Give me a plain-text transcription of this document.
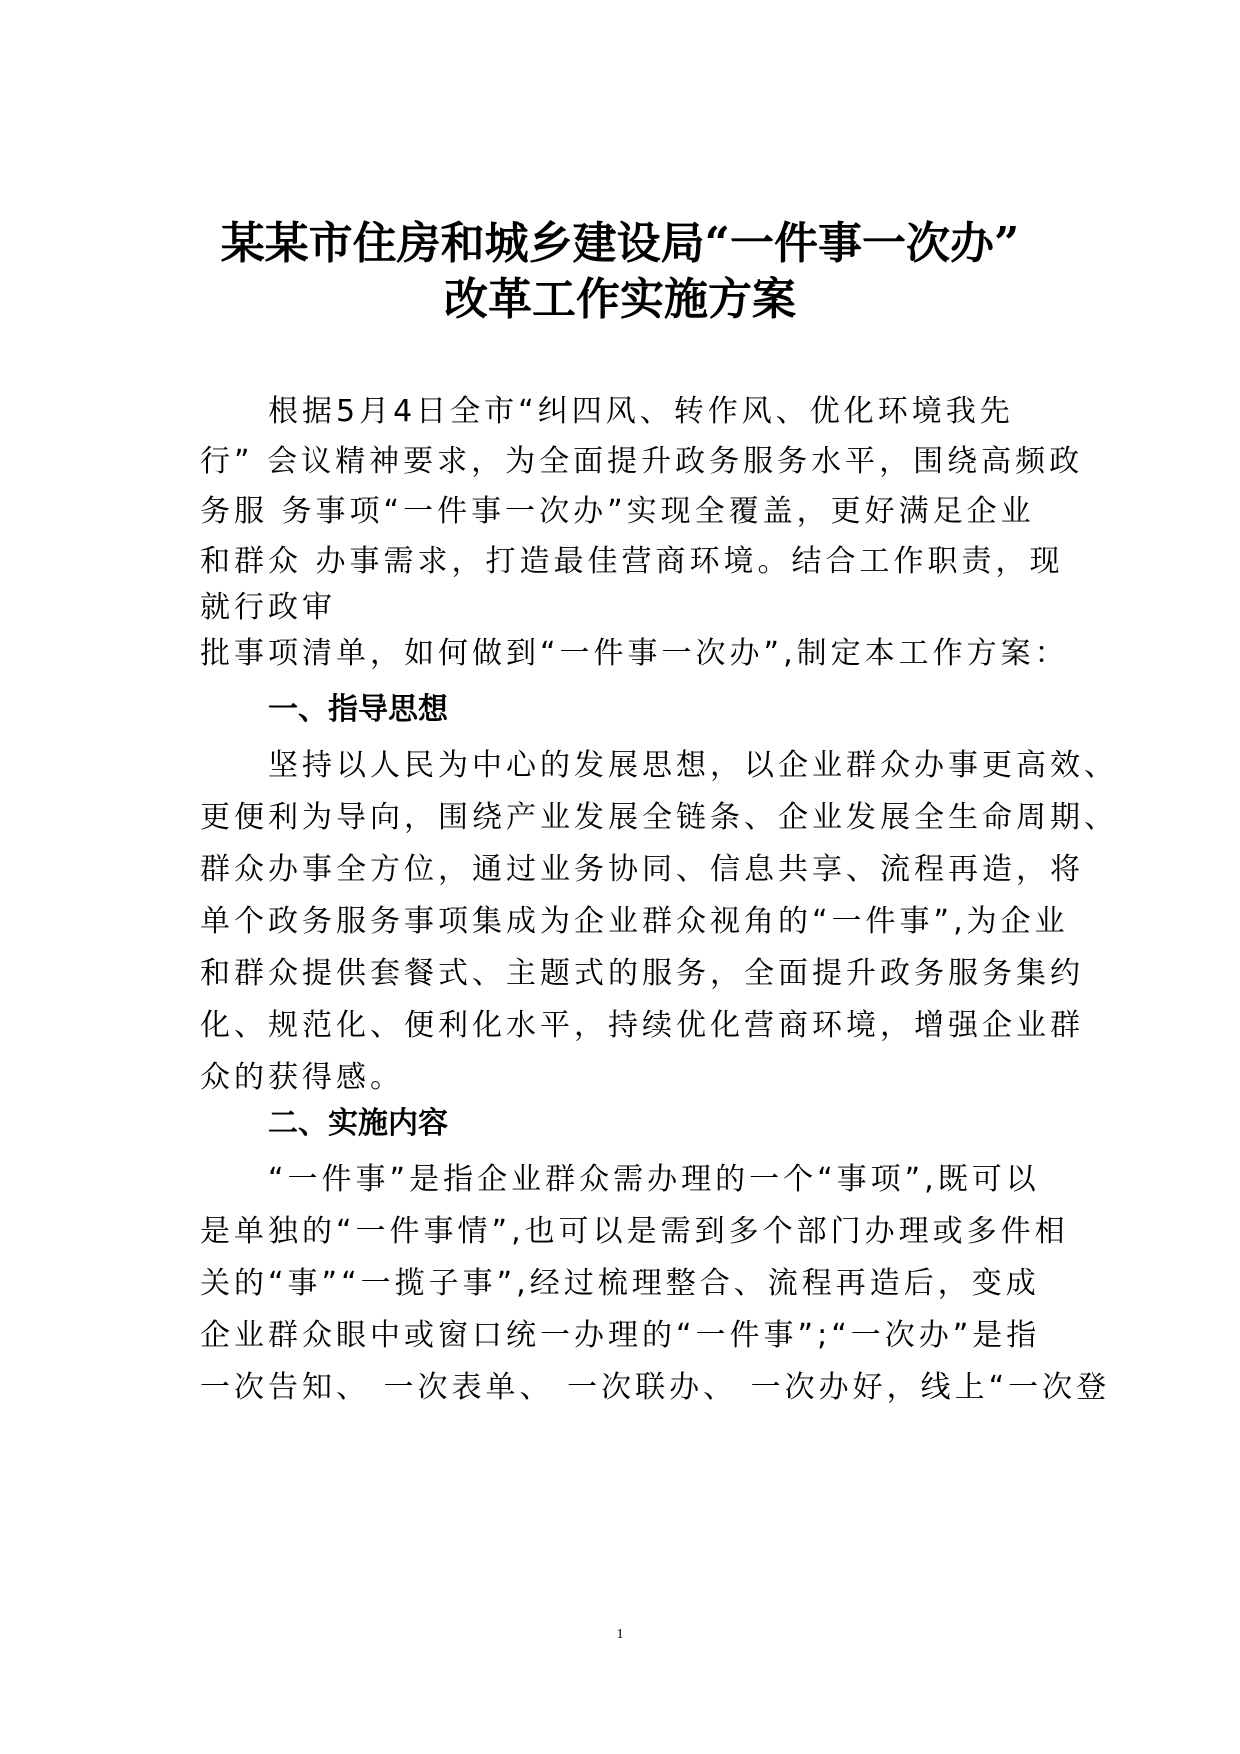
某某市住房和城乡建设局“一件事一次办”
改革工作实施方案
根据5月4日全市“纠四风、转作风、优化环境我先
行” 会议精神要求，为全面提升政务服务水平，围绕高频政
务服 务事项“一件事一次办”实现全覆盖，更好满足企业
和群众 办事需求，打造最佳营商环境。结合工作职责，现
就行政审
批事项清单，如何做到“一件事一次办”,制定本工作方案：
一、指导思想
坚持以人民为中心的发展思想，以企业群众办事更高效、
更便利为导向，围绕产业发展全链条、企业发展全生命周期、
群众办事全方位，通过业务协同、信息共享、流程再造，将
单个政务服务事项集成为企业群众视角的“一件事”,为企业
和群众提供套餐式、主题式的服务，全面提升政务服务集约
化、规范化、便利化水平，持续优化营商环境，增强企业群
众的获得感。
二、实施内容
“一件事”是指企业群众需办理的一个“事项”,既可以
是单独的“一件事情”,也可以是需到多个部门办理或多件相
关的“事”“一揽子事”,经过梳理整合、流程再造后，变成
企业群众眼中或窗口统一办理的“一件事”;“一次办”是指
一次告知、 一次表单、 一次联办、 一次办好，线上“一次登
1
